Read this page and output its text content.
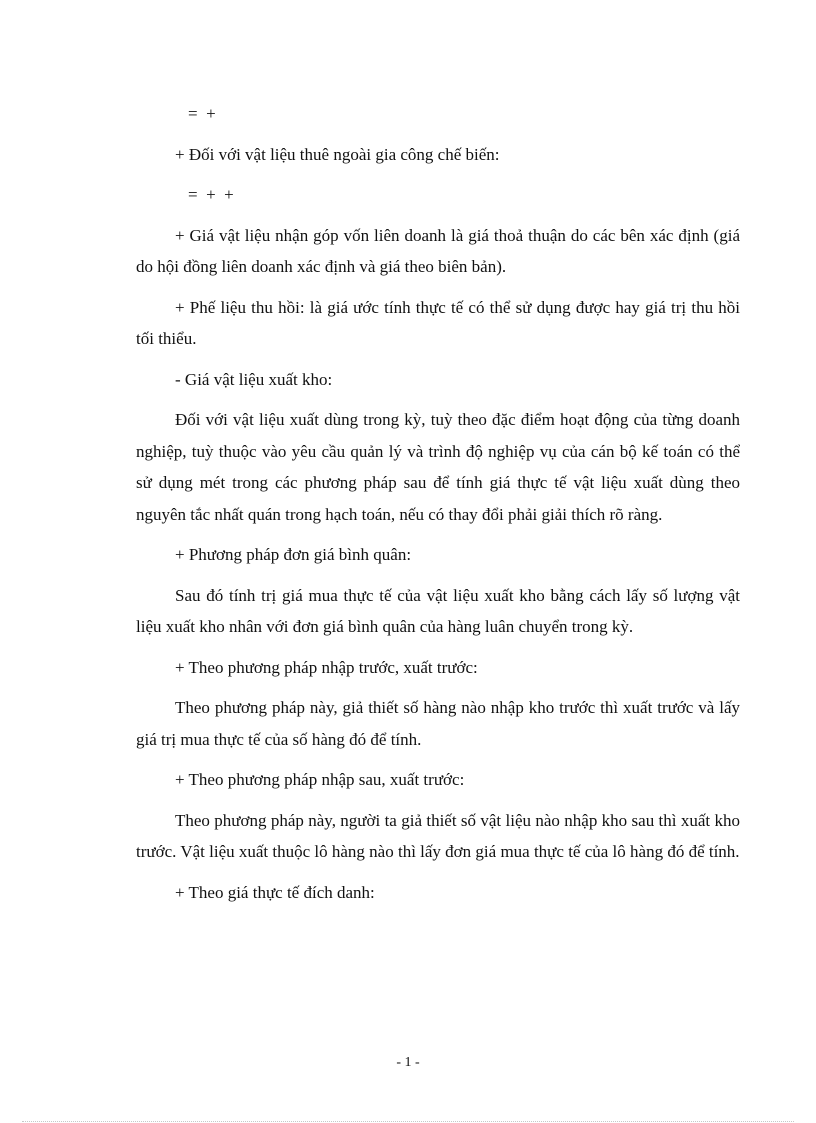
=  +

+ Đối với vật liệu thuê ngoài gia công chế biến:

=  +  +

+ Giá vật liệu nhận góp vốn liên doanh là giá thoả thuận do các bên xác định (giá do hội đồng liên doanh xác định và giá theo biên bản).

+ Phế liệu thu hồi: là giá ước tính thực tế có thể sử dụng được hay giá trị thu hồi tối thiểu.

- Giá vật liệu xuất kho:

Đối với vật liệu xuất dùng trong kỳ, tuỳ theo đặc điểm hoạt động của từng doanh nghiệp, tuỳ thuộc vào yêu cầu quản lý và trình độ nghiệp vụ của cán bộ kế toán có thể sử dụng mét trong các phương pháp sau để tính giá thực tế vật liệu xuất dùng theo nguyên tắc nhất quán trong hạch toán, nếu có thay đổi phải giải thích rõ ràng.

+ Phương pháp đơn giá bình quân:

Sau đó tính trị giá mua thực tế của vật liệu xuất kho bằng cách lấy số lượng vật liệu xuất kho nhân với đơn giá bình quân của hàng luân chuyển trong kỳ.

+ Theo phương pháp nhập trước, xuất trước:

Theo phương pháp này, giả thiết số hàng nào nhập kho trước thì xuất trước và lấy giá trị mua thực tế của số hàng đó để tính.

+ Theo phương pháp nhập sau, xuất trước:

Theo phương pháp này, người ta giả thiết số vật liệu nào nhập kho sau thì xuất kho trước. Vật liệu xuất thuộc lô hàng nào thì lấy đơn giá mua thực tế của lô hàng đó để tính.

+ Theo giá thực tế đích danh:

- 1 -
